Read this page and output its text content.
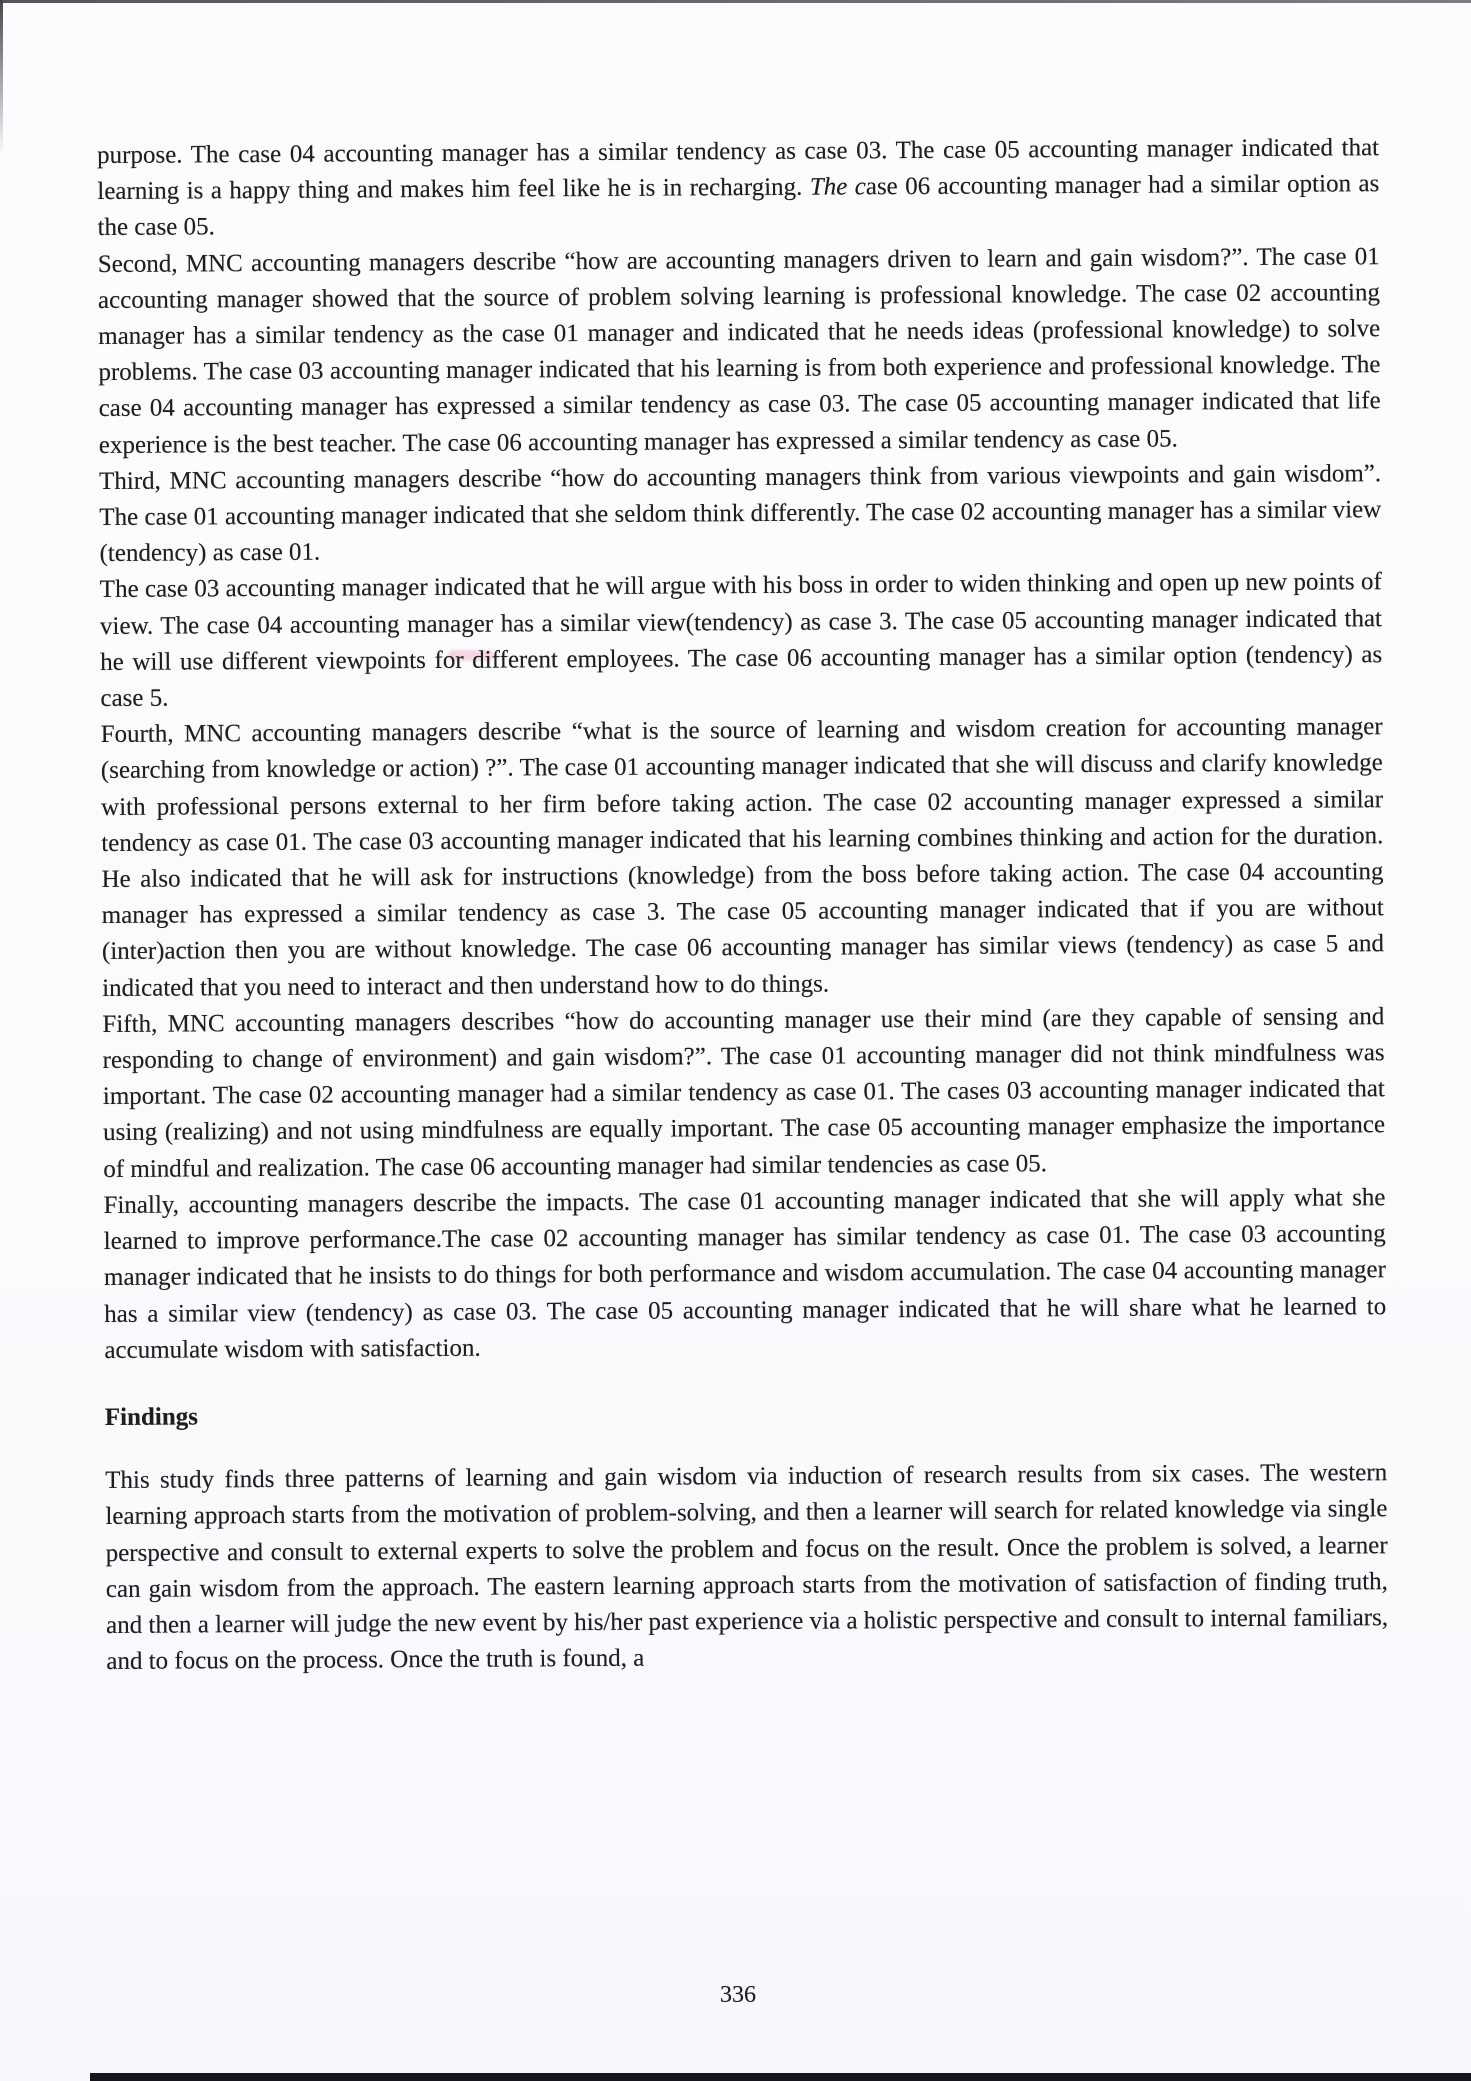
purpose. The case 04 accounting manager has a similar tendency as case 03. The case 05 accounting manager indicated that learning is a happy thing and makes him feel like he is in recharging. The case 06 accounting manager had a similar option as the case 05.

Second, MNC accounting managers describe “how are accounting managers driven to learn and gain wisdom?”. The case 01 accounting manager showed that the source of problem solving learning is professional knowledge. The case 02 accounting manager has a similar tendency as the case 01 manager and indicated that he needs ideas (professional knowledge) to solve problems. The case 03 accounting manager indicated that his learning is from both experience and professional knowledge. The case 04 accounting manager has expressed a similar tendency as case 03. The case 05 accounting manager indicated that life experience is the best teacher. The case 06 accounting manager has expressed a similar tendency as case 05.

Third, MNC accounting managers describe “how do accounting managers think from various viewpoints and gain wisdom”. The case 01 accounting manager indicated that she seldom think differently. The case 02 accounting manager has a similar view (tendency) as case 01.

The case 03 accounting manager indicated that he will argue with his boss in order to widen thinking and open up new points of view. The case 04 accounting manager has a similar view(tendency) as case 3. The case 05 accounting manager indicated that he will use different viewpoints for different employees. The case 06 accounting manager has a similar option (tendency) as case 5.

Fourth, MNC accounting managers describe “what is the source of learning and wisdom creation for accounting manager (searching from knowledge or action) ?”. The case 01 accounting manager indicated that she will discuss and clarify knowledge with professional persons external to her firm before taking action. The case 02 accounting manager expressed a similar tendency as case 01. The case 03 accounting manager indicated that his learning combines thinking and action for the duration. He also indicated that he will ask for instructions (knowledge) from the boss before taking action. The case 04 accounting manager has expressed a similar tendency as case 3. The case 05 accounting manager indicated that if you are without (inter)action then you are without knowledge. The case 06 accounting manager has similar views (tendency) as case 5 and indicated that you need to interact and then understand how to do things.

Fifth, MNC accounting managers describes “how do accounting manager use their mind (are they capable of sensing and responding to change of environment) and gain wisdom?”. The case 01 accounting manager did not think mindfulness was important. The case 02 accounting manager had a similar tendency as case 01. The cases 03 accounting manager indicated that using (realizing) and not using mindfulness are equally important. The case 05 accounting manager emphasize the importance of mindful and realization. The case 06 accounting manager had similar tendencies as case 05.

Finally, accounting managers describe the impacts. The case 01 accounting manager indicated that she will apply what she learned to improve performance.The case 02 accounting manager has similar tendency as case 01. The case 03 accounting manager indicated that he insists to do things for both performance and wisdom accumulation. The case 04 accounting manager has a similar view (tendency) as case 03. The case 05 accounting manager indicated that he will share what he learned to accumulate wisdom with satisfaction.

Findings

This study finds three patterns of learning and gain wisdom via induction of research results from six cases. The western learning approach starts from the motivation of problem-solving, and then a learner will search for related knowledge via single perspective and consult to external experts to solve the problem and focus on the result. Once the problem is solved, a learner can gain wisdom from the approach. The eastern learning approach starts from the motivation of satisfaction of finding truth, and then a learner will judge the new event by his/her past experience via a holistic perspective and consult to internal familiars, and to focus on the process. Once the truth is found, a

336
